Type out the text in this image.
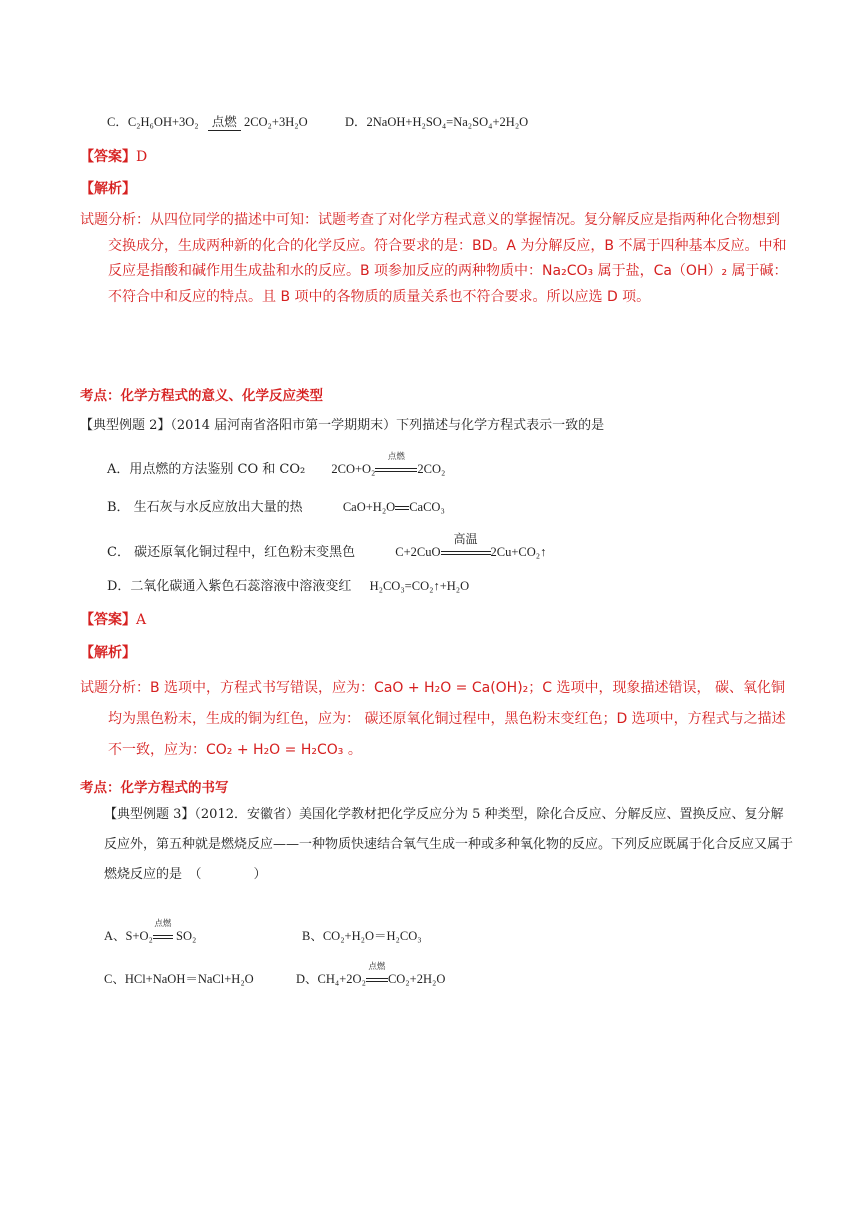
C．C₂H₆OH+3O₂ 点燃 2CO₂+3H₂O	D．2NaOH+H₂SO₄=Na₂SO₄+2H₂O
【答案】D
【解析】
试题分析：从四位同学的描述中可知：试题考查了对化学方程式意义的掌握情况。复分解反应是指两种化合物想到交换成分，生成两种新的化合的化学反应。符合要求的是：BD。A 为分解反应，B 不属于四种基本反应。中和反应是指酸和碱作用生成盐和水的反应。B 项参加反应的两种物质中：Na₂CO₃ 属于盐，Ca（OH）₂ 属于碱：不符合中和反应的特点。且 B 项中的各物质的质量关系也不符合要求。所以应选 D 项。
考点：化学方程式的意义、化学反应类型
【典型例题 2】（2014 届河南省洛阳市第一学期期末）下列描述与化学方程式表示一致的是
A．用点燃的方法鉴别 CO 和 CO₂ 2CO+O₂
点燃
2CO₂
B． 生石灰与水反应放出大量的热	CaO+H₂O CaCO₃
C． 碳还原氧化铜过程中，红色粉末变黑色	C+2CuO
高温
2Cu+CO₂↑
D．二氧化碳通入紫色石蕊溶液中溶液变红 H₂CO₃=CO₂↑+H₂O
【答案】A
【解析】
试题分析：B 选项中，方程式书写错误，应为：CaO + H₂O = Ca(OH)₂；C 选项中，现象描述错误， 碳、氧化铜均为黑色粉末，生成的铜为红色，应为： 碳还原氧化铜过程中，黑色粉末变红色；D 选项中，方程式与之描述不一致，应为：CO₂ + H₂O = H₂CO₃ 。
考点：化学方程式的书写
【典型例题 3】（2012．安徽省）美国化学教材把化学反应分为 5 种类型，除化合反应、分解反应、置换反应、复分解反应外，第五种就是燃烧反应——一种物质快速结合氧气生成一种或多种氧化物的反应。下列反应既属于化合反应又属于燃烧反应的是　（　　　　）
A、S+O₂
点燃
SO₂	B、CO₂+H₂O＝H₂CO₃
C、HCl+NaOH＝NaCl+H₂O	D、CH₄+2O₂
点燃
CO₂+2H₂O
